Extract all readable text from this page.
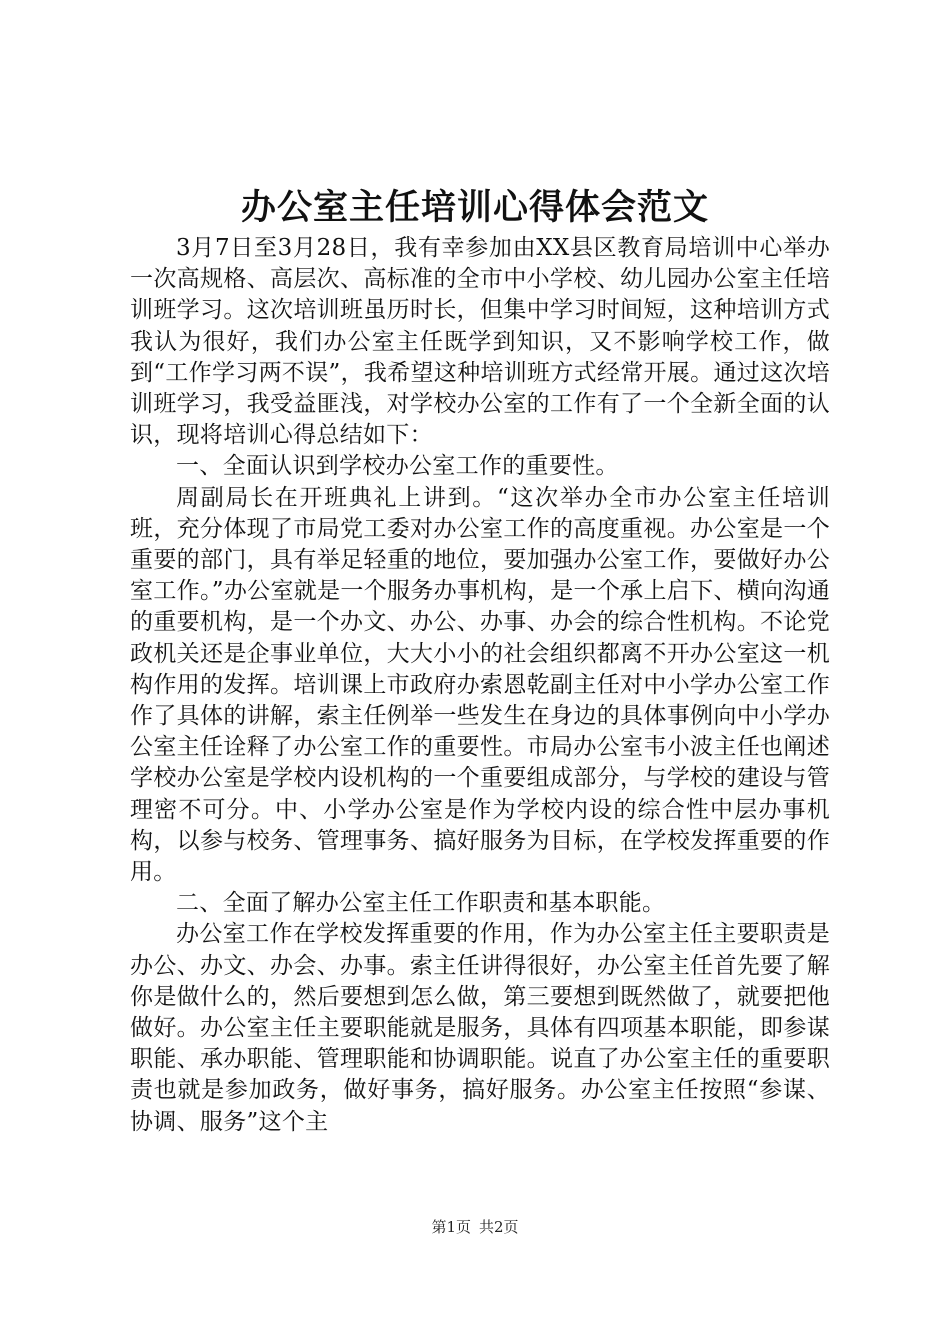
办公室主任培训心得体会范文

3月7日至3月28日，我有幸参加由XX县区教育局培训中心举办一次高规格、高层次、高标准的全市中小学校、幼儿园办公室主任培训班学习。这次培训班虽历时长，但集中学习时间短，这种培训方式我认为很好，我们办公室主任既学到知识，又不影响学校工作，做到“工作学习两不误”，我希望这种培训班方式经常开展。通过这次培训班学习，我受益匪浅，对学校办公室的工作有了一个全新全面的认识，现将培训心得总结如下：

一、全面认识到学校办公室工作的重要性。

周副局长在开班典礼上讲到。“这次举办全市办公室主任培训班，充分体现了市局党工委对办公室工作的高度重视。办公室是一个重要的部门，具有举足轻重的地位，要加强办公室工作，要做好办公室工作。”办公室就是一个服务办事机构，是一个承上启下、横向沟通的重要机构，是一个办文、办公、办事、办会的综合性机构。不论党政机关还是企事业单位，大大小小的社会组织都离不开办公室这一机构作用的发挥。培训课上市政府办索恩乾副主任对中小学办公室工作作了具体的讲解，索主任例举一些发生在身边的具体事例向中小学办公室主任诠释了办公室工作的重要性。市局办公室韦小波主任也阐述学校办公室是学校内设机构的一个重要组成部分，与学校的建设与管理密不可分。中、小学办公室是作为学校内设的综合性中层办事机构，以参与校务、管理事务、搞好服务为目标，在学校发挥重要的作用。

二、全面了解办公室主任工作职责和基本职能。

办公室工作在学校发挥重要的作用，作为办公室主任主要职责是办公、办文、办会、办事。索主任讲得很好，办公室主任首先要了解你是做什么的，然后要想到怎么做，第三要想到既然做了，就要把他做好。办公室主任主要职能就是服务，具体有四项基本职能，即参谋职能、承办职能、管理职能和协调职能。说直了办公室主任的重要职责也就是参加政务，做好事务，搞好服务。办公室主任按照“参谋、协调、服务”这个主

第1页 共2页
